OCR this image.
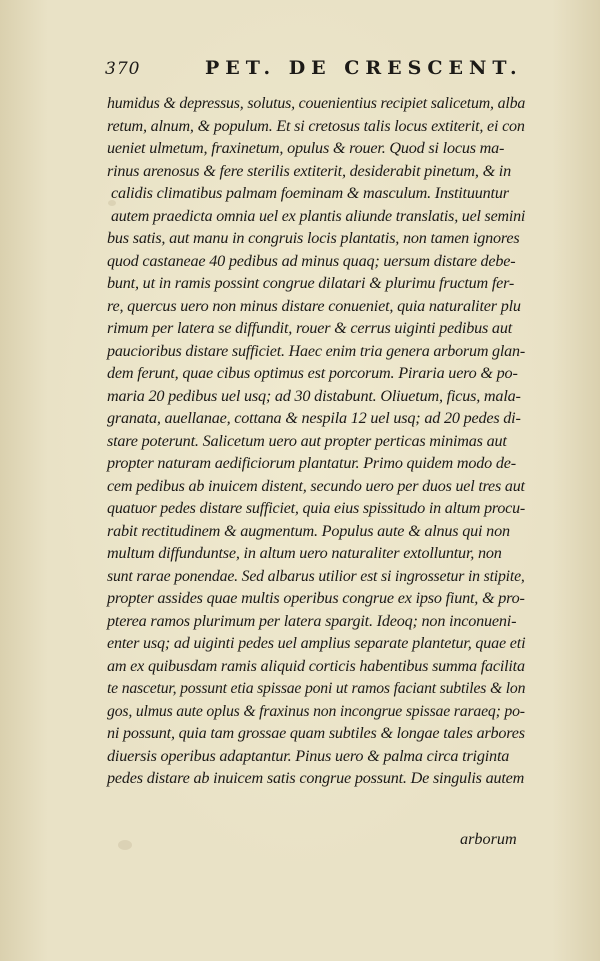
370	PET. DE CRESCENT.
humidus & depressus, solutus, couenientius recipiet salicetum, alba
retum, alnum, & populum. Et si cretosus talis locus extiterit, ei con
ueniet ulmetum, fraxinetum, opulus & rouer. Quod si locus ma-
rinus arenosus & fere sterilis extiterit, desiderabit pinetum, & in
calidis climatibus palmam foeminam & masculum. Instituuntur
autem praedicta omnia uel ex plantis aliunde translatis, uel semini
bus satis, aut manu in congruis locis plantatis, non tamen ignores
quod castaneae 40 pedibus ad minus quaq; uersum distare debe-
bunt, ut in ramis possint congrue dilatari & plurimu fructum fer-
re, quercus uero non minus distare conueniet, quia naturaliter plu
rimum per latera se diffundit, rouer & cerrus uiginti pedibus aut
paucioribus distare sufficiet. Haec enim tria genera arborum glan-
dem ferunt, quae cibus optimus est porcorum. Piraria uero & po-
maria 20 pedibus uel usq; ad 30 distabunt. Oliuetum, ficus, mala-
granata, auellanae, cottana & nespila 12 uel usq; ad 20 pedes di-
stare poterunt. Salicetum uero aut propter perticas minimas aut
propter naturam aedificiorum plantatur. Primo quidem modo de-
cem pedibus ab inuicem distent, secundo uero per duos uel tres aut
quatuor pedes distare sufficiet, quia eius spissitudo in altum procu-
rabit rectitudinem & augmentum. Populus aute & alnus qui non
multum diffunduntse, in altum uero naturaliter extolluntur, non
sunt rarae ponendae. Sed albarus utilior est si ingrossetur in stipite,
propter assides quae multis operibus congrue ex ipso fiunt, & pro-
pterea ramos plurimum per latera spargit. Ideoq; non inconueni-
enter usq; ad uiginti pedes uel amplius separate plantetur, quae eti
am ex quibusdam ramis aliquid corticis habentibus summa facilita
te nascetur, possunt etia spissae poni ut ramos faciant subtiles & lon
gos, ulmus aute oplus & fraxinus non incongrue spissae raraeq; po-
ni possunt, quia tam grossae quam subtiles & longae tales arbores
diuersis operibus adaptantur. Pinus uero & palma circa triginta
pedes distare ab inuicem satis congrue possunt. De singulis autem
arborum
